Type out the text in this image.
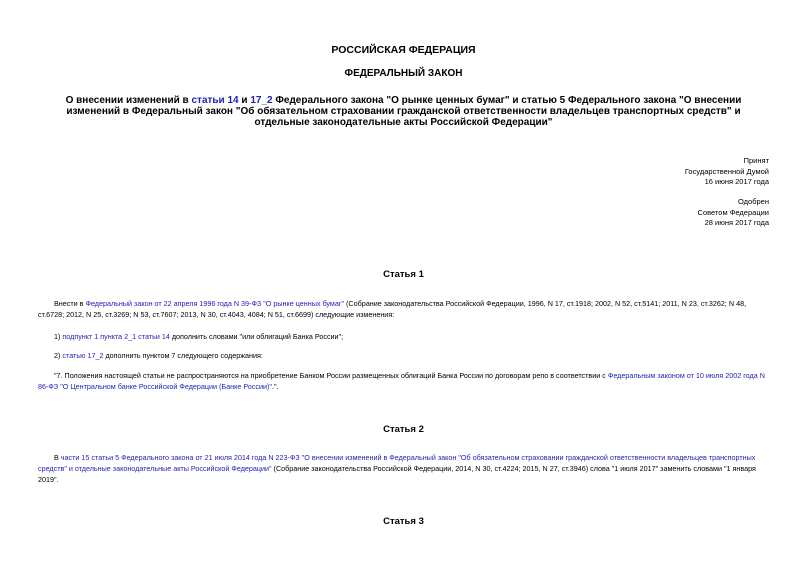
РОССИЙСКАЯ ФЕДЕРАЦИЯ
ФЕДЕРАЛЬНЫЙ ЗАКОН
О внесении изменений в статьи 14 и 17_2 Федерального закона "О рынке ценных бумаг" и статью 5 Федерального закона "О внесении изменений в Федеральный закон "Об обязательном страховании гражданской ответственности владельцев транспортных средств" и отдельные законодательные акты Российской Федерации"
Принят
Государственной Думой
16 июня 2017 года
Одобрен
Советом Федерации
28 июня 2017 года
Статья 1
Внести в Федеральный закон от 22 апреля 1996 года N 39-ФЗ "О рынке ценных бумаг" (Собрание законодательства Российской Федерации, 1996, N 17, ст.1918; 2002, N 52, ст.5141; 2011, N 23, ст.3262; N 48, ст.6728; 2012, N 25, ст.3269; N 53, ст.7607; 2013, N 30, ст.4043, 4084; N 51, ст.6699) следующие изменения:
1) подпункт 1 пункта 2_1 статьи 14 дополнить словами "или облигаций Банка России";
2) статью 17_2 дополнить пунктом 7 следующего содержания:
"7. Положения настоящей статьи не распространяются на приобретение Банком России размещенных облигаций Банка России по договорам репо в соответствии с Федеральным законом от 10 июля 2002 года N 86-ФЗ "О Центральном банке Российской Федерации (Банке России)".".
Статья 2
В части 15 статьи 5 Федерального закона от 21 июля 2014 года N 223-ФЗ "О внесении изменений в Федеральный закон "Об обязательном страховании гражданской ответственности владельцев транспортных средств" и отдельные законодательные акты Российской Федерации" (Собрание законодательства Российской Федерации, 2014, N 30, ст.4224; 2015, N 27, ст.3946) слова "1 июля 2017" заменить словами "1 января 2019".
Статья 3
